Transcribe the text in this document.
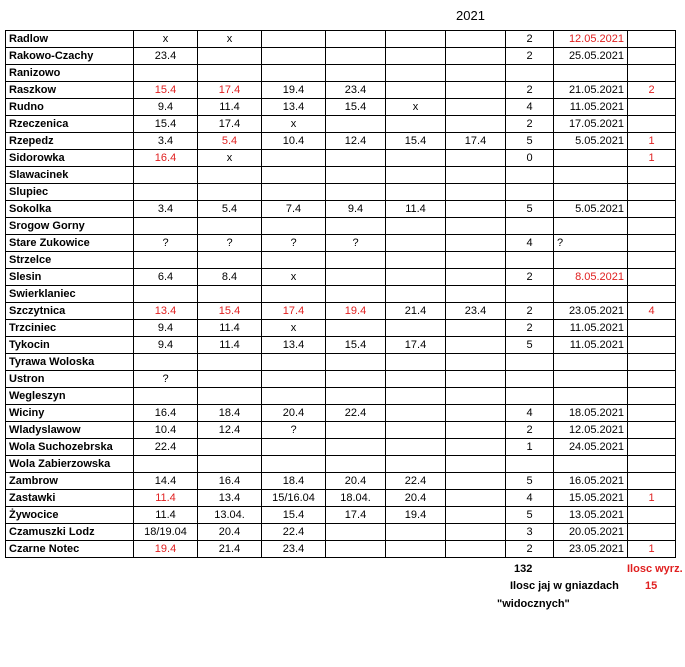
2021
Radlow	x	x					2	12.05.2021	
Rakowo-Czachy	23.4						2	25.05.2021	
Ranizowo									
Raszkow	15.4	17.4	19.4	23.4			2	21.05.2021	2
Rudno	9.4	11.4	13.4	15.4	x		4	11.05.2021	
Rzeczenica	15.4	17.4	x				2	17.05.2021	
Rzepedz	3.4	5.4	10.4	12.4	15.4	17.4	5	5.05.2021	1
Sidorowka	16.4	x					0		1
Slawacinek									
Slupiec									
Sokolka	3.4	5.4	7.4	9.4	11.4		5	5.05.2021	
Srogow Gorny									
Stare Zukowice	?	?	?	?			4	?	
Strzelce									
Slesin	6.4	8.4	x				2	8.05.2021	
Swierklaniec									
Szczytnica	13.4	15.4	17.4	19.4	21.4	23.4	2	23.05.2021	4
Trzciniec	9.4	11.4	x				2	11.05.2021	
Tykocin	9.4	11.4	13.4	15.4	17.4		5	11.05.2021	
Tyrawa Woloska									
Ustron	?								
Wegleszyn									
Wiciny	16.4	18.4	20.4	22.4			4	18.05.2021	
Wladyslawow	10.4	12.4	?				2	12.05.2021	
Wola Suchozebrska	22.4						1	24.05.2021	
Wola Zabierzowska									
Zambrow	14.4	16.4	18.4	20.4	22.4		5	16.05.2021	
Zastawki	11.4	13.4	15/16.04	18.04.	20.4		4	15.05.2021	1
Żywocice	11.4	13.04.	15.4	17.4	19.4		5	13.05.2021	
Czamuszki Lodz	18/19.04	20.4	22.4				3	20.05.2021	
Czarne Notec	19.4	21.4	23.4				2	23.05.2021	1
132	Ilosc wyrz.
Ilosc jaj w gniazdach 15
"widocznych"
